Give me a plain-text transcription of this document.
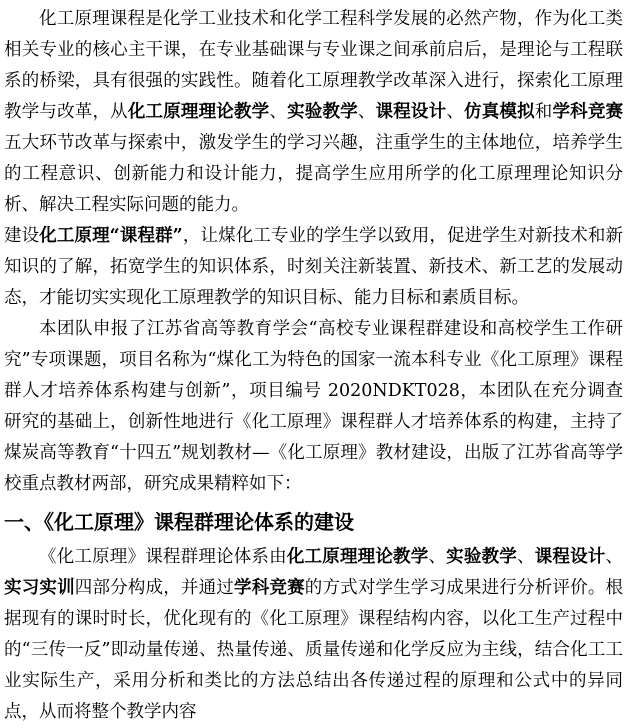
化工原理课程是化学工业技术和化学工程科学发展的必然产物，作为化工类相关专业的核心主干课，在专业基础课与专业课之间承前启后，是理论与工程联系的桥梁，具有很强的实践性。随着化工原理教学改革深入进行，探索化工原理教学与改革，从化工原理理论教学、实验教学、课程设计、仿真模拟和学科竞赛五大环节改革与探索中，激发学生的学习兴趣，注重学生的主体地位，培养学生的工程意识、创新能力和设计能力，提高学生应用所学的化工原理理论知识分析、解决工程实际问题的能力。

建设化工原理“课程群”，让煤化工专业的学生学以致用，促进学生对新技术和新知识的了解，拓宽学生的知识体系，时刻关注新装置、新技术、新工艺的发展动态，才能切实实现化工原理教学的知识目标、能力目标和素质目标。

本团队申报了江苏省高等教育学会“高校专业课程群建设和高校学生工作研究”专项课题，项目名称为“煤化工为特色的国家一流本科专业《化工原理》课程群人才培养体系构建与创新”，项目编号 2020NDKT028，本团队在充分调查研究的基础上，创新性地进行《化工原理》课程群人才培养体系的构建，主持了煤炭高等教育“十四五”规划教材—《化工原理》教材建设，出版了江苏省高等学校重点教材两部，研究成果精粹如下：

一、《化工原理》课程群理论体系的建设

《化工原理》课程群理论体系由化工原理理论教学、实验教学、课程设计、实习实训四部分构成，并通过学科竞赛的方式对学生学习成果进行分析评价。根据现有的课时时长，优化现有的《化工原理》课程结构内容，以化工生产过程中的“三传一反”即动量传递、热量传递、质量传递和化学反应为主线，结合化工工业实际生产，采用分析和类比的方法总结出各传递过程的原理和公式中的异同点，从而将整个教学内容
